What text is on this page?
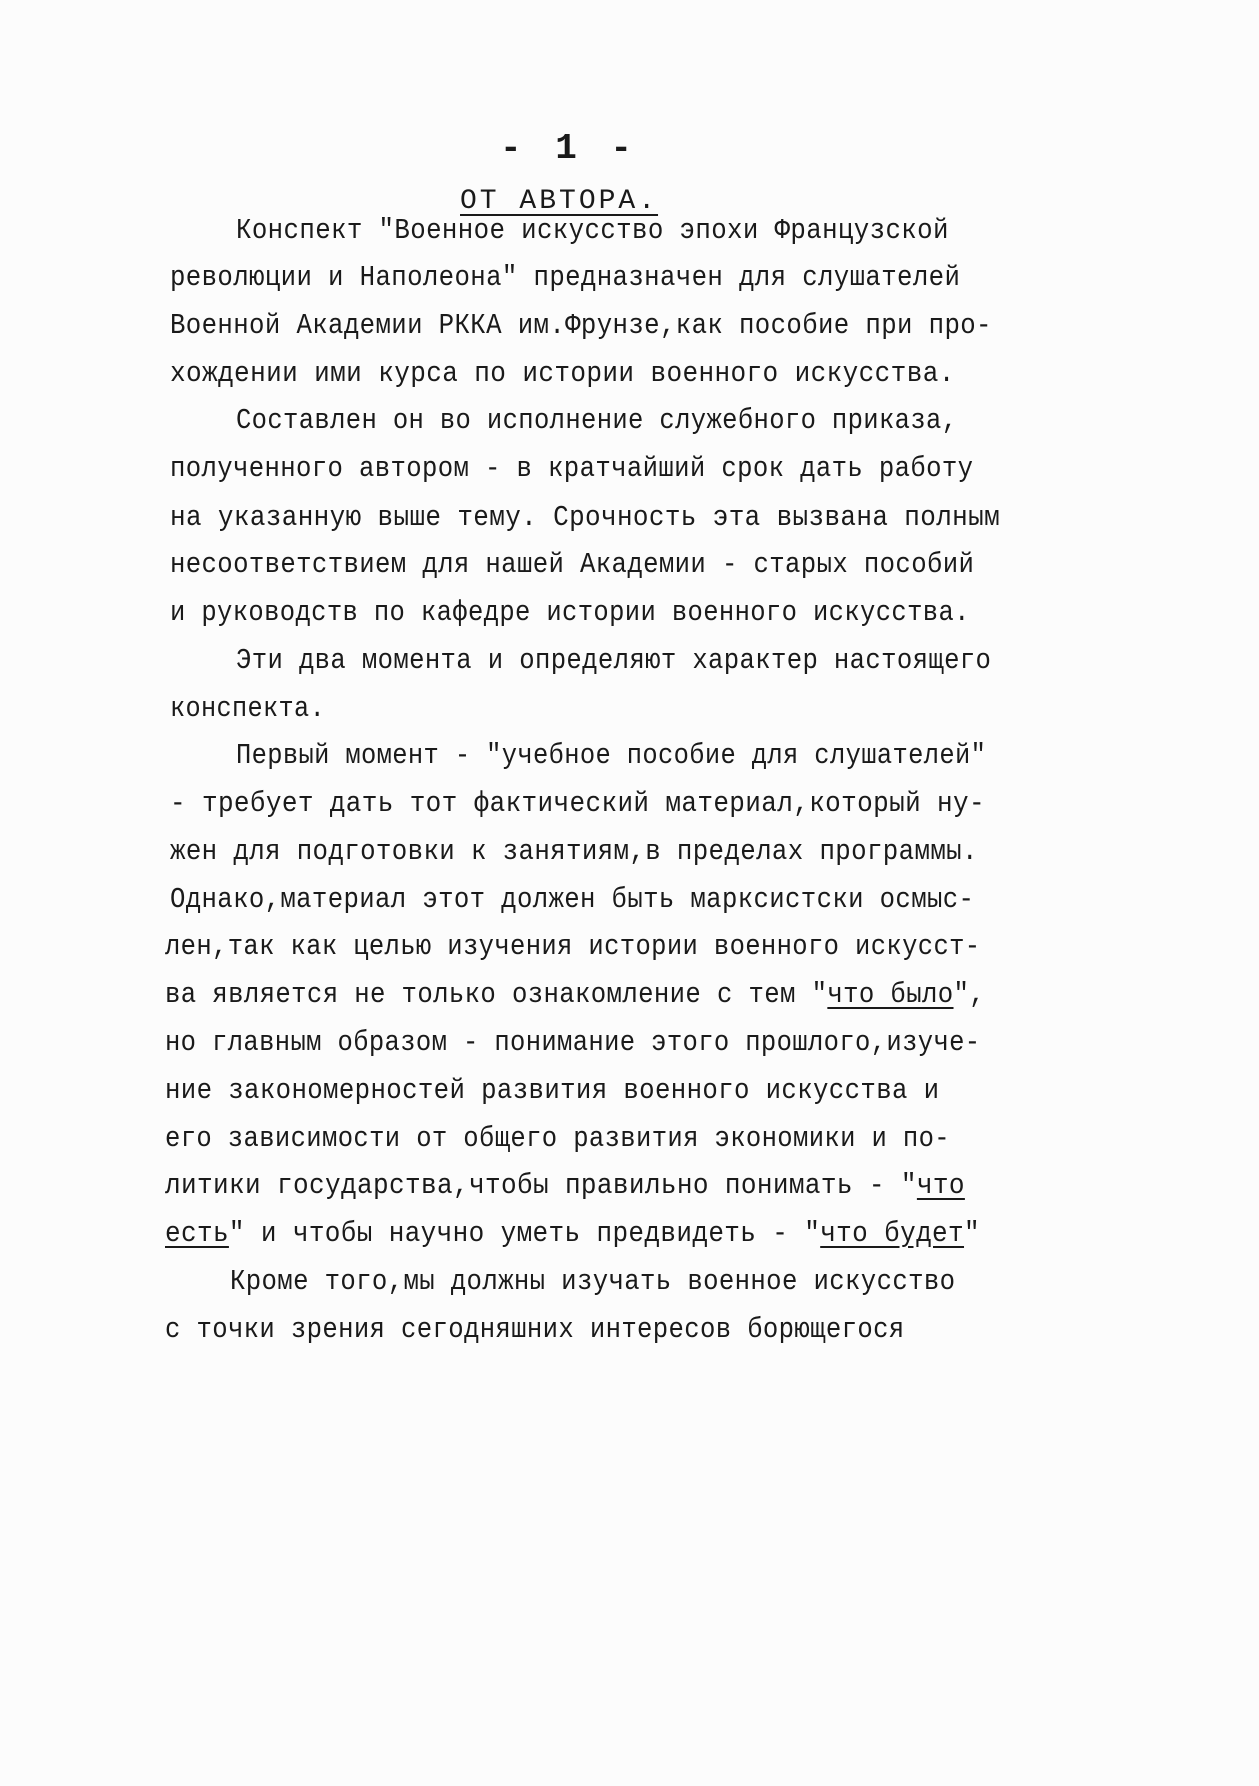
- 1 -
ОТ АВТОРА.
Конспект "Военное искусство эпохи Французской
революции и Наполеона" предназначен для слушателей
Военной Академии РККА им.Фрунзе,как пособие при про-
хождении ими курса по истории военного искусства.
Составлен он во исполнение служебного приказа,
полученного автором - в кратчайший срок дать работу
на указанную выше тему. Срочность эта вызвана полным
несоответствием для нашей Академии - старых пособий
и руководств по кафедре истории военного искусства.
Эти два момента и определяют характер настоящего
конспекта.
Первый момент - "учебное пособие для слушателей"
- требует дать тот фактический материал,который ну-
жен для подготовки к занятиям,в пределах программы.
Однако,материал этот должен быть марксистски осмыс-
лен,так как целью изучения истории военного искусст-
ва является не только ознакомление с тем "что было",
но главным образом - понимание этого прошлого,изуче-
ние закономерностей развития военного искусства и
его зависимости от общего развития экономики и по-
литики государства,чтобы правильно понимать - "что
есть" и чтобы научно уметь предвидеть - "что будет"
Кроме того,мы должны изучать военное искусство
с точки зрения сегодняшних интересов борющегося
